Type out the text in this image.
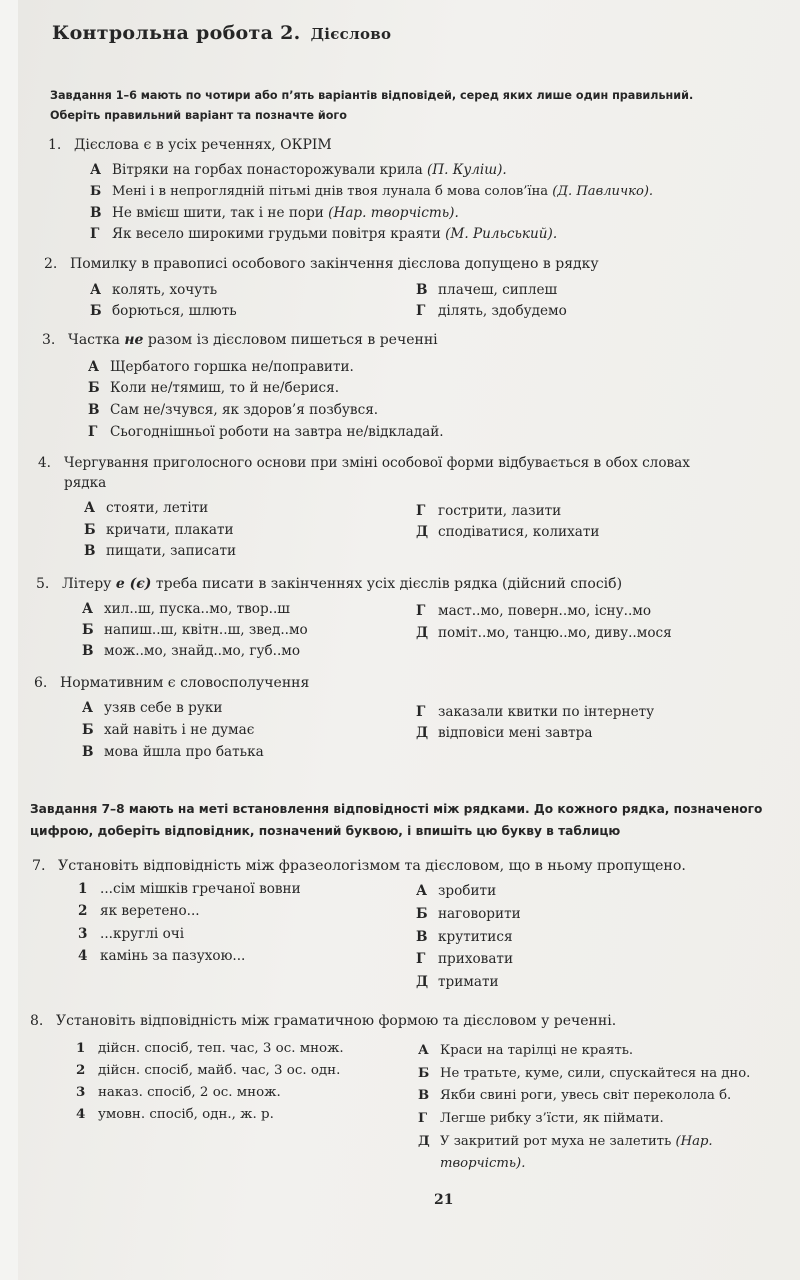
Контрольна робота 2. Дієслово
Завдання 1–6 мають по чотири або п’ять варіантів відповідей, серед яких лише один правильний.
Оберіть правильний варіант та позначте його
1. Дієслова є в усіх реченнях, ОКРІМ
А Вітряки на горбах понасторожували крила (П. Куліш).
Б Мені і в непроглядній пітьмі днів твоя лунала б мова солов’їна (Д. Павличко).
В Не вмієш шити, так і не пори (Нар. творчість).
Г Як весело широкими грудьми повітря краяти (М. Рильський).
2. Помилку в правописі особового закінчення дієслова допущено в рядку
А колять, хочуть
Б борються, шлють
В плачеш, сиплеш
Г ділять, здобудемо
3. Частка не разом із дієсловом пишеться в реченні
А Щербатого горшка не/поправити.
Б Коли не/тямиш, то й не/берися.
В Сам не/зчувся, як здоров’я позбувся.
Г Сьогоднішньої роботи на завтра не/відкладай.
4. Чергування приголосного основи при зміні особової форми відбувається в обох словах
рядка
А стояти, летіти
Б кричати, плакати
В пищати, записати
Г гострити, лазити
Д сподіватися, колихати
5. Літеру е (є) треба писати в закінченнях усіх дієслів рядка (дійсний спосіб)
А хил..ш, пуска..мо, твор..ш
Б напиш..ш, квітн..ш, звед..мо
В мож..мо, знайд..мо, губ..мо
Г маст..мо, поверн..мо, існу..мо
Д поміт..мо, танцю..мо, диву..мося
6. Нормативним є словосполучення
А узяв себе в руки
Б хай навіть і не думає
В мова йшла про батька
Г заказали квитки по інтернету
Д відповіси мені завтра
Завдання 7–8 мають на меті встановлення відповідності між рядками. До кожного рядка, позначеного
цифрою, доберіть відповідник, позначений буквою, і впишіть цю букву в таблицю
7. Установіть відповідність між фразеологізмом та дієсловом, що в ньому пропущено.
1 ...сім мішків гречаної вовни
2 як веретено...
3 ...круглі очі
4 камінь за пазухою...
А зробити
Б наговорити
В крутитися
Г приховати
Д тримати
8. Установіть відповідність між граматичною формою та дієсловом у реченні.
1 дійсн. спосіб, теп. час, 3 ос. множ.
2 дійсн. спосіб, майб. час, 3 ос. одн.
3 наказ. спосіб, 2 ос. множ.
4 умовн. спосіб, одн., ж. р.
А Краси на тарілці не краять.
Б Не тратьте, куме, сили, спускайтеся на дно.
В Якби свині роги, увесь світ переколола б.
Г Легше рибку з’їсти, як піймати.
Д У закритий рот муха не залетить (Нар.
творчість).
21
